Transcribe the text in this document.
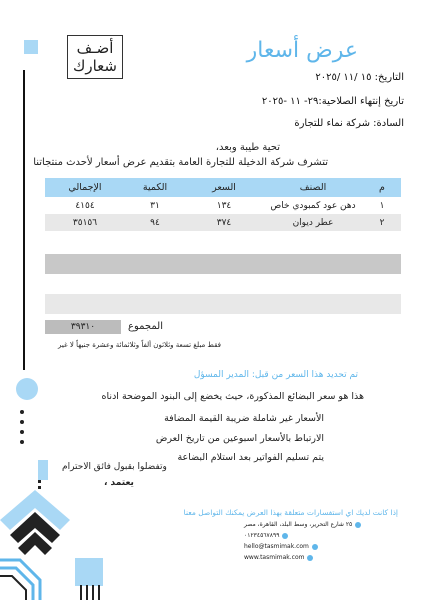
أضـف
شعارك
عرض أسعار
التاريخ: ١٥ /١١ /٢٠٢٥
تاريخ إنتهاء الصلاحية:٢٩- ١١ -٢٠٢٥
السادة: شركة نماء للتجارة
تحية طيبة وبعد،
تتشرف شركة الدخيلة للتجارة العامة بتقديم عرض أسعار لأحدث منتجاتنا
م
الصنف
السعر
الكمية
الإجمالي
١
دهن عود كمبودي خاص
١٣٤
٣١
٤١٥٤
٢
عطر ديوان
٣٧٤
٩٤
٣٥١٥٦
٣٩٣١٠	المجموع
فقط مبلغ تسعة وثلاثون ألفاً وثلاثمائة وعشرة جنيهاً لا غير
تم تحديد هذا السعر من قبل: المدير المسؤل
هذا هو سعر البضائع المذكورة، حيث يخضع إلى البنود الموضحة ادناه
الأسعار غير شاملة ضريبة القيمة المضافة
الارتباط بالأسعار اسبوعين من تاريخ العرض
يتم تسليم الفواتير بعد استلام البضاعة
وتفضلوا بقبول فائق الاحترام
يعتمد ،
إذا كانت لديك اي استفسارات متعلقة بهذا العرض يمكنك التواصل معنا
٢٥ شارع التحرير، وسط البلد، القاهرة، مصر
٠١٢٣٤٥٦٧٨٩٩
hello@tasmimak.com
www.tasmimak.com
